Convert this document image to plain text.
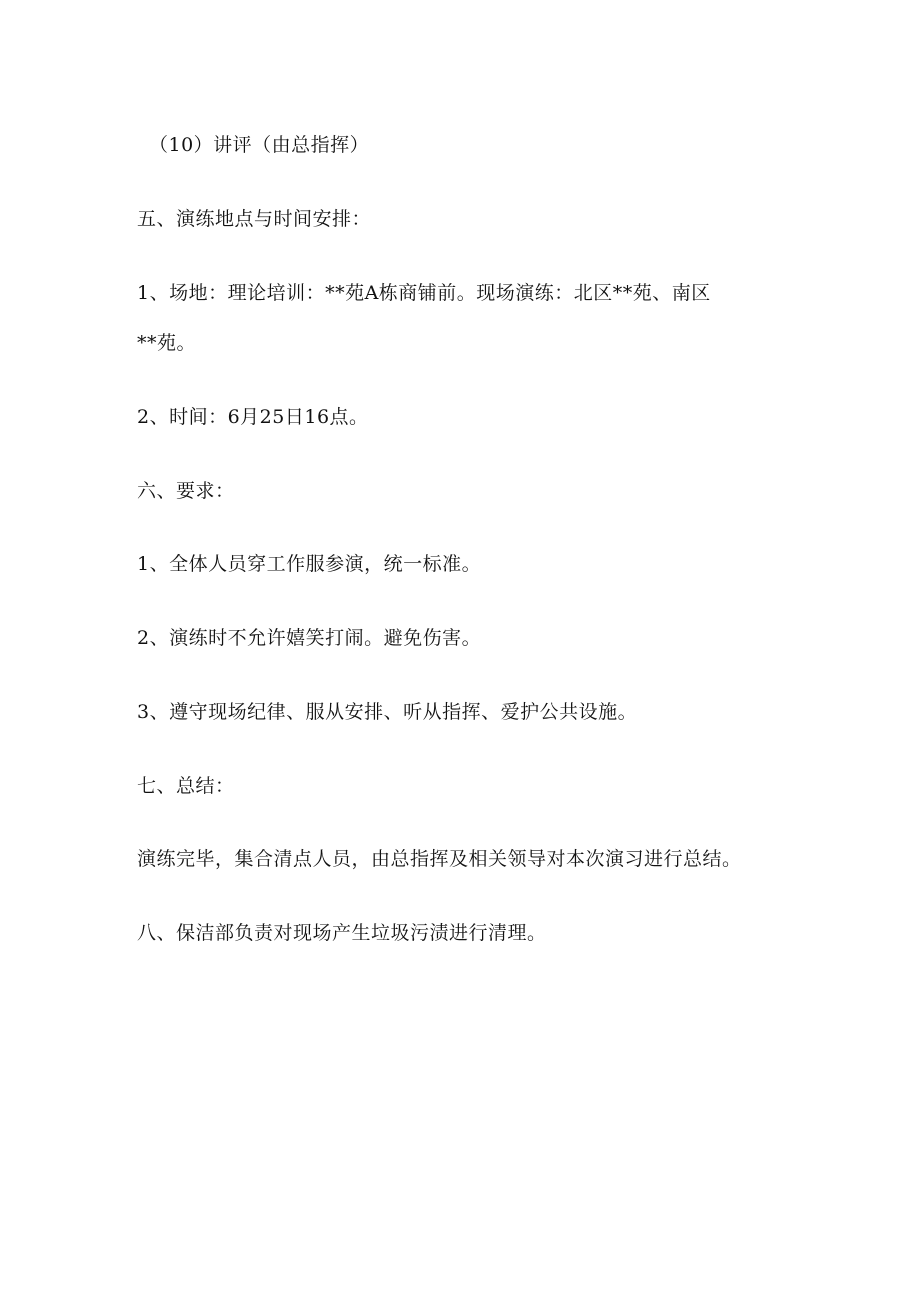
（10）讲评（由总指挥）
五、演练地点与时间安排：
1、场地：理论培训：**苑A栋商铺前。现场演练：北区**苑、南区
**苑。
2、时间：6月25日16点。
六、要求：
1、全体人员穿工作服参演，统一标准。
2、演练时不允许嬉笑打闹。避免伤害。
3、遵守现场纪律、服从安排、听从指挥、爱护公共设施。
七、总结：
演练完毕，集合清点人员，由总指挥及相关领导对本次演习进行总结。
八、保洁部负责对现场产生垃圾污渍进行清理。
